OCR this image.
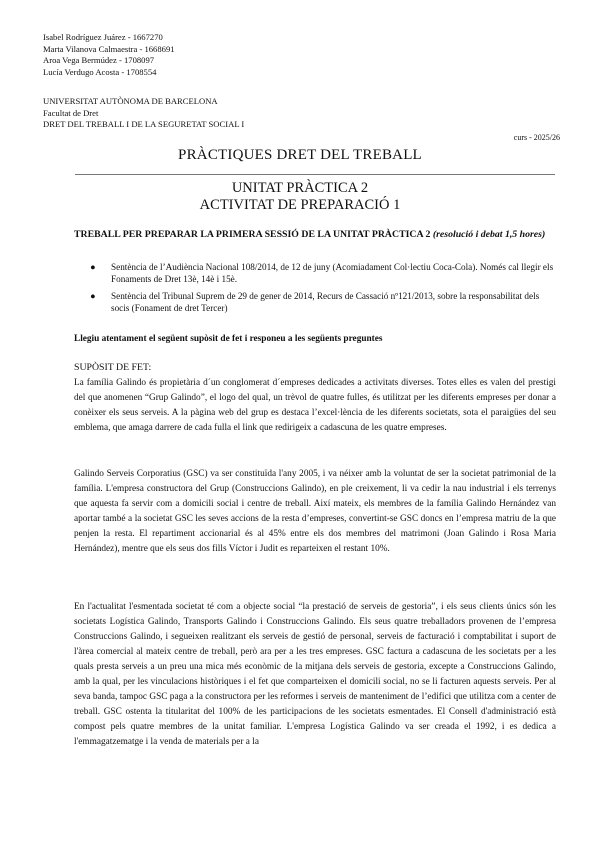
Isabel Rodríguez Juárez - 1667270
Marta Vilanova Calmaestra - 1668691
Aroa Vega Bermúdez - 1708097
Lucía Verdugo Acosta - 1708554
UNIVERSITAT AUTÒNOMA DE BARCELONA
Facultat de Dret
DRET DEL TREBALL I DE LA SEGURETAT SOCIAL I
curs - 2025/26
PRÀCTIQUES DRET DEL TREBALL
UNITAT PRÀCTICA 2
ACTIVITAT DE PREPARACIÓ 1
TREBALL PER PREPARAR LA PRIMERA SESSIÓ DE LA UNITAT PRÀCTICA 2 (resolució i debat 1,5 hores)
● Sentència de l’Audiència Nacional 108/2014, de 12 de juny (Acomiadament Col·lectiu Coca-Cola). Només cal llegir els Fonaments de Dret 13è, 14è i 15è.
● Sentència del Tribunal Suprem de 29 de gener de 2014, Recurs de Cassació nº121/2013, sobre la responsabilitat dels socis (Fonament de dret Tercer)
Llegiu atentament el següent supòsit de fet i responeu a les següents preguntes
SUPÒSIT DE FET:

La família Galindo és propietària d´un conglomerat d´empreses dedicades a activitats diverses. Totes elles es valen del prestigi del que anomenen “Grup Galindo”, el logo del qual, un trèvol de quatre fulles, és utilitzat per les diferents empreses per donar a conèixer els seus serveis. A la pàgina web del grup es destaca l’excel·lència de les diferents societats, sota el paraigües del seu emblema, que amaga darrere de cada fulla el link que redirigeix a cadascuna de les quatre empreses.

Galindo Serveis Corporatius (GSC) va ser constituïda l'any 2005, i va néixer amb la voluntat de ser la societat patrimonial de la família. L'empresa constructora del Grup (Construccions Galindo), en ple creixement, li va cedir la nau industrial i els terrenys que aquesta fa servir com a domicili social i centre de treball. Així mateix, els membres de la família Galindo Hernández van aportar també a la societat GSC les seves accions de la resta d’empreses, convertint-se GSC doncs en l’empresa matriu de la que penjen la resta. El repartiment accionarial és al 45% entre els dos membres del matrimoni (Joan Galindo i Rosa Maria Hernández), mentre que els seus dos fills Víctor i Judit es reparteixen el restant 10%.

En l'actualitat l'esmentada societat té com a objecte social “la prestació de serveis de gestoria”, i els seus clients únics són les societats Logística Galindo, Transports Galindo i Construccions Galindo. Els seus quatre treballadors provenen de l’empresa Construccions Galindo, i segueixen realitzant els serveis de gestió de personal, serveis de facturació i comptabilitat i suport de l'àrea comercial al mateix centre de treball, però ara per a les tres empreses. GSC factura a cadascuna de les societats per a les quals presta serveis a un preu una mica més econòmic de la mitjana dels serveis de gestoria, excepte a Construccions Galindo, amb la qual, per les vinculacions històriques i el fet que comparteixen el domicili social, no se li facturen aquests serveis. Per al seva banda, tampoc GSC paga a la constructora per les reformes i serveis de manteniment de l’edifici que utilitza com a center de treball. GSC ostenta la titularitat del 100% de les participacions de les societats esmentades. El Consell d'administració està compost pels quatre membres de la unitat familiar. L'empresa Logística Galindo va ser creada el 1992, i es dedica a l'emmagatzematge i la venda de materials per a la
